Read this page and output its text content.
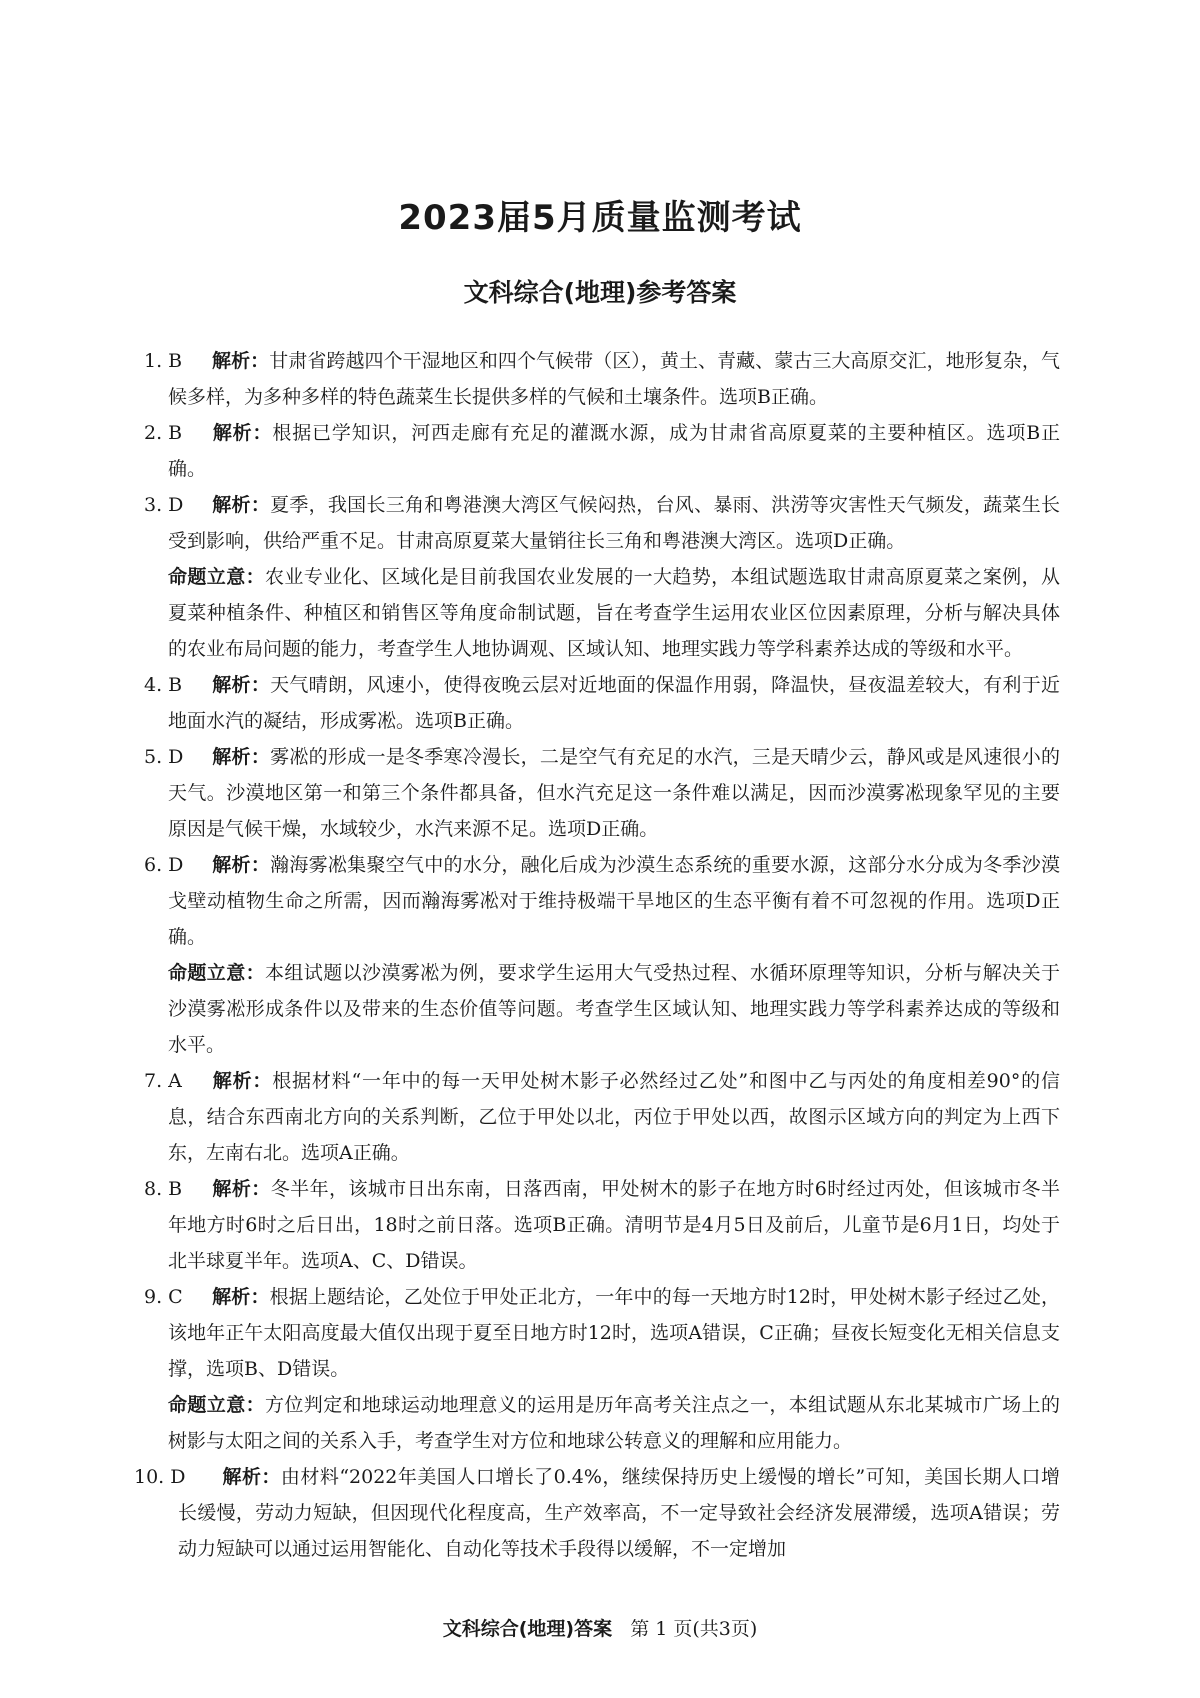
2023届5月质量监测考试
文科综合(地理)参考答案
1. B	解析：甘肃省跨越四个干湿地区和四个气候带（区），黄土、青藏、蒙古三大高原交汇，地形复杂，气候多样，为多种多样的特色蔬菜生长提供多样的气候和土壤条件。选项B正确。
2. B	解析：根据已学知识，河西走廊有充足的灌溉水源，成为甘肃省高原夏菜的主要种植区。选项B正确。
3. D	解析：夏季，我国长三角和粤港澳大湾区气候闷热，台风、暴雨、洪涝等灾害性天气频发，蔬菜生长受到影响，供给严重不足。甘肃高原夏菜大量销往长三角和粤港澳大湾区。选项D正确。
命题立意：农业专业化、区域化是目前我国农业发展的一大趋势，本组试题选取甘肃高原夏菜之案例，从夏菜种植条件、种植区和销售区等角度命制试题，旨在考查学生运用农业区位因素原理，分析与解决具体的农业布局问题的能力，考查学生人地协调观、区域认知、地理实践力等学科素养达成的等级和水平。
4. B	解析：天气晴朗，风速小，使得夜晚云层对近地面的保温作用弱，降温快，昼夜温差较大，有利于近地面水汽的凝结，形成雾凇。选项B正确。
5. D	解析：雾凇的形成一是冬季寒冷漫长，二是空气有充足的水汽，三是天晴少云，静风或是风速很小的天气。沙漠地区第一和第三个条件都具备，但水汽充足这一条件难以满足，因而沙漠雾凇现象罕见的主要原因是气候干燥，水域较少，水汽来源不足。选项D正确。
6. D	解析：瀚海雾凇集聚空气中的水分，融化后成为沙漠生态系统的重要水源，这部分水分成为冬季沙漠戈壁动植物生命之所需，因而瀚海雾凇对于维持极端干旱地区的生态平衡有着不可忽视的作用。选项D正确。
命题立意：本组试题以沙漠雾凇为例，要求学生运用大气受热过程、水循环原理等知识，分析与解决关于沙漠雾凇形成条件以及带来的生态价值等问题。考查学生区域认知、地理实践力等学科素养达成的等级和水平。
7. A	解析：根据材料“一年中的每一天甲处树木影子必然经过乙处”和图中乙与丙处的角度相差90°的信息，结合东西南北方向的关系判断，乙位于甲处以北，丙位于甲处以西，故图示区域方向的判定为上西下东，左南右北。选项A正确。
8. B	解析：冬半年，该城市日出东南，日落西南，甲处树木的影子在地方时6时经过丙处，但该城市冬半年地方时6时之后日出，18时之前日落。选项B正确。清明节是4月5日及前后，儿童节是6月1日，均处于北半球夏半年。选项A、C、D错误。
9. C	解析：根据上题结论，乙处位于甲处正北方，一年中的每一天地方时12时，甲处树木影子经过乙处，该地年正午太阳高度最大值仅出现于夏至日地方时12时，选项A错误，C正确；昼夜长短变化无相关信息支撑，选项B、D错误。
命题立意：方位判定和地球运动地理意义的运用是历年高考关注点之一，本组试题从东北某城市广场上的树影与太阳之间的关系入手，考查学生对方位和地球公转意义的理解和应用能力。
10. D	解析：由材料“2022年美国人口增长了0.4%，继续保持历史上缓慢的增长”可知，美国长期人口增长缓慢，劳动力短缺，但因现代化程度高，生产效率高，不一定导致社会经济发展滞缓，选项A错误；劳动力短缺可以通过运用智能化、自动化等技术手段得以缓解，不一定增加
文科综合(地理)答案 第 1 页(共3页)
